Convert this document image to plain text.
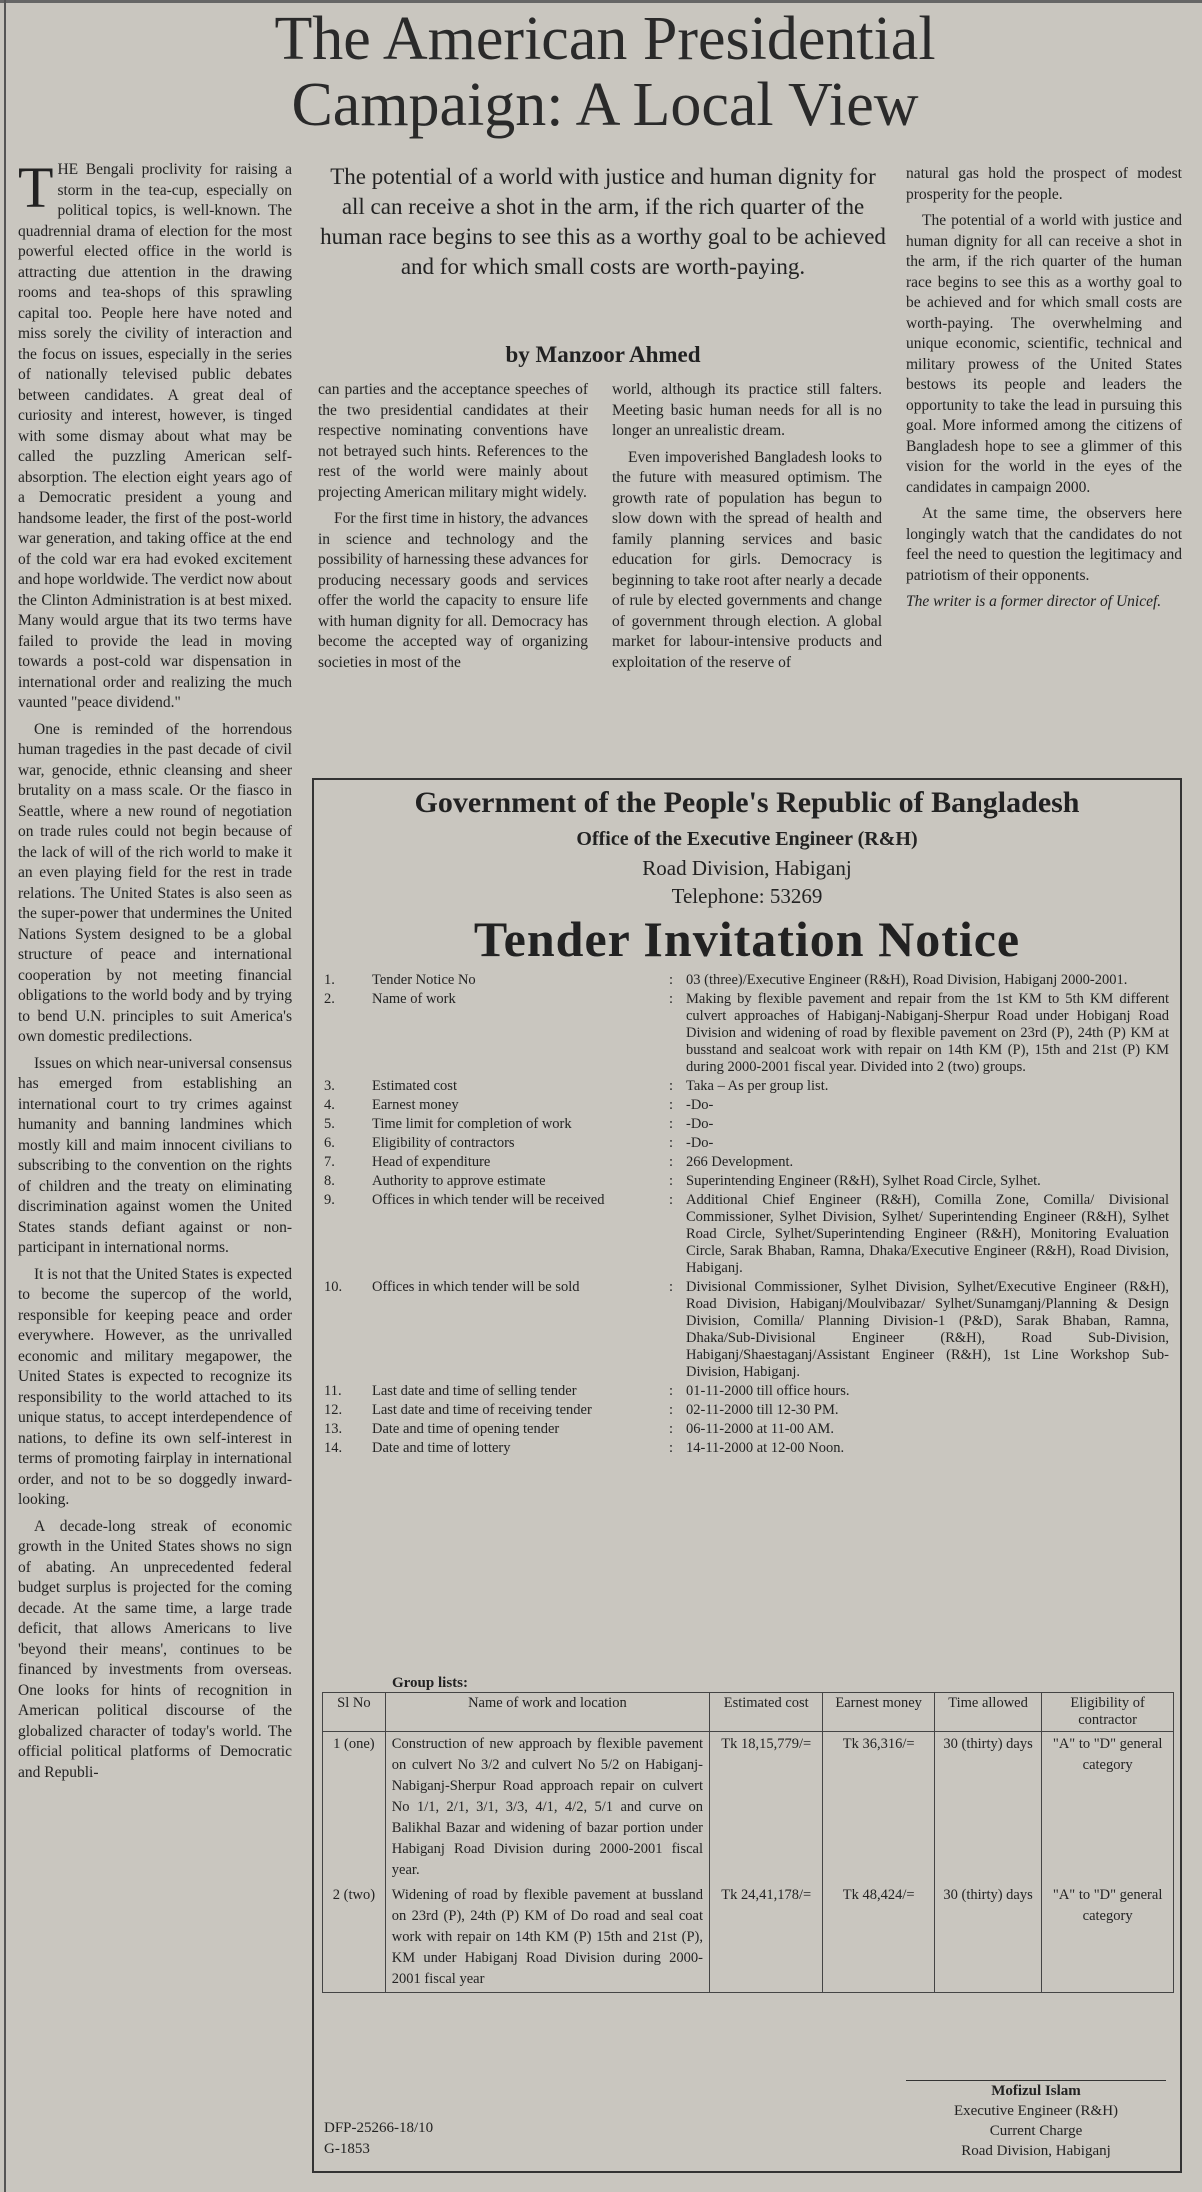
The American Presidential Campaign: A Local View

THE Bengali proclivity for raising a storm in the tea-cup, especially on political topics, is well-known. The quadrennial drama of election for the most powerful elected office in the world is attracting due attention in the drawing rooms and tea-shops of this sprawling capital too. People here have noted and miss sorely the civility of interaction and the focus on issues, especially in the series of nationally televised public debates between candidates. A great deal of curiosity and interest, however, is tinged with some dismay about what may be called the puzzling American self-absorption. The election eight years ago of a Democratic president a young and handsome leader, the first of the post-world war generation, and taking office at the end of the cold war era had evoked excitement and hope worldwide. The verdict now about the Clinton Administration is at best mixed. Many would argue that its two terms have failed to provide the lead in moving towards a post-cold war dispensation in international order and realizing the much vaunted "peace dividend."

One is reminded of the horrendous human tragedies in the past decade of civil war, genocide, ethnic cleansing and sheer brutality on a mass scale. Or the fiasco in Seattle, where a new round of negotiation on trade rules could not begin because of the lack of will of the rich world to make it an even playing field for the rest in trade relations. The United States is also seen as the super-power that undermines the United Nations System designed to be a global structure of peace and international cooperation by not meeting financial obligations to the world body and by trying to bend U.N. principles to suit America's own domestic predilections.

Issues on which near-universal consensus has emerged from establishing an international court to try crimes against humanity and banning landmines which mostly kill and maim innocent civilians to subscribing to the convention on the rights of children and the treaty on eliminating discrimination against women the United States stands defiant against or non-participant in international norms.

It is not that the United States is expected to become the supercop of the world, responsible for keeping peace and order everywhere. However, as the unrivalled economic and military megapower, the United States is expected to recognize its responsibility to the world attached to its unique status, to accept interdependence of nations, to define its own self-interest in terms of promoting fairplay in international order, and not to be so doggedly inward-looking.

A decade-long streak of economic growth in the United States shows no sign of abating. An unprecedented federal budget surplus is projected for the coming decade. At the same time, a large trade deficit, that allows Americans to live 'beyond their means', continues to be financed by investments from overseas. One looks for hints of recognition in American political discourse of the globalized character of today's world. The official political platforms of Democratic and Republi-

The potential of a world with justice and human dignity for all can receive a shot in the arm, if the rich quarter of the human race begins to see this as a worthy goal to be achieved and for which small costs are worth-paying.
by Manzoor Ahmed

can parties and the acceptance speeches of the two presidential candidates at their respective nominating conventions have not betrayed such hints. References to the rest of the world were mainly about projecting American military might widely.

For the first time in history, the advances in science and technology and the possibility of harnessing these advances for producing necessary goods and services offer the world the capacity to ensure life with human dignity for all. Democracy has become the accepted way of organizing societies in most of the

world, although its practice still falters. Meeting basic human needs for all is no longer an unrealistic dream.

Even impoverished Bangladesh looks to the future with measured optimism. The growth rate of population has begun to slow down with the spread of health and family planning services and basic education for girls. Democracy is beginning to take root after nearly a decade of rule by elected governments and change of government through election. A global market for labour-intensive products and exploitation of the reserve of

natural gas hold the prospect of modest prosperity for the people.

The potential of a world with justice and human dignity for all can receive a shot in the arm, if the rich quarter of the human race begins to see this as a worthy goal to be achieved and for which small costs are worth-paying. The overwhelming and unique economic, scientific, technical and military prowess of the United States bestows its people and leaders the opportunity to take the lead in pursuing this goal. More informed among the citizens of Bangladesh hope to see a glimmer of this vision for the world in the eyes of the candidates in campaign 2000.

At the same time, the observers here longingly watch that the candidates do not feel the need to question the legitimacy and patriotism of their opponents.

The writer is a former director of Unicef.

Government of the People's Republic of Bangladesh
Office of the Executive Engineer (R&H)
Road Division, Habiganj
Telephone: 53269
Tender Invitation Notice
1.	Tender Notice No	: 03 (three)/Executive Engineer (R&H), Road Division, Habiganj 2000-2001.
2.	Name of work	: Making by flexible pavement and repair from the 1st KM to 5th KM different culvert approaches of Habiganj-Nabiganj-Sherpur Road under Hobiganj Road Division and widening of road by flexible pavement on 23rd (P), 24th (P) KM at busstand and sealcoat work with repair on 14th KM (P), 15th and 21st (P) KM during 2000-2001 fiscal year. Divided into 2 (two) groups.
3.	Estimated cost	: Taka – As per group list.
4.	Earnest money	: -Do-
5.	Time limit for completion of work	: -Do-
6.	Eligibility of contractors	: -Do-
7.	Head of expenditure	: 266 Development.
8.	Authority to approve estimate	: Superintending Engineer (R&H), Sylhet Road Circle, Sylhet.
9.	Offices in which tender will be received	: Additional Chief Engineer (R&H), Comilla Zone, Comilla/ Divisional Commissioner, Sylhet Division, Sylhet/ Superintending Engineer (R&H), Sylhet Road Circle, Sylhet/Superintending Engineer (R&H), Monitoring Evaluation Circle, Sarak Bhaban, Ramna, Dhaka/Executive Engineer (R&H), Road Division, Habiganj.
10.	Offices in which tender will be sold	: Divisional Commissioner, Sylhet Division, Sylhet/Executive Engineer (R&H), Road Division, Habiganj/Moulvibazar/ Sylhet/Sunamganj/Planning & Design Division, Comilla/ Planning Division-1 (P&D), Sarak Bhaban, Ramna, Dhaka/Sub-Divisional Engineer (R&H), Road Sub-Division, Habiganj/Shaestaganj/Assistant Engineer (R&H), 1st Line Workshop Sub-Division, Habiganj.
11.	Last date and time of selling tender	: 01-11-2000 till office hours.
12.	Last date and time of receiving tender	: 02-11-2000 till 12-30 PM.
13.	Date and time of opening tender	: 06-11-2000 at 11-00 AM.
14.	Date and time of lottery	: 14-11-2000 at 12-00 Noon.
Group lists:
Sl No	Name of work and location	Estimated cost	Earnest money	Time allowed	Eligibility of contractor
1 (one)	Construction of new approach by flexible pavement on culvert No 3/2 and culvert No 5/2 on Habiganj-Nabiganj-Sherpur Road approach repair on culvert No 1/1, 2/1, 3/1, 3/3, 4/1, 4/2, 5/1 and curve on Balikhal Bazar and widening of bazar portion under Habiganj Road Division during 2000-2001 fiscal year.	Tk 18,15,779/=	Tk 36,316/=	30 (thirty) days	"A" to "D" general category
2 (two)	Widening of road by flexible pavement at bussland on 23rd (P), 24th (P) KM of Do road and seal coat work with repair on 14th KM (P) 15th and 21st (P), KM under Habiganj Road Division during 2000-2001 fiscal year	Tk 24,41,178/=	Tk 48,424/=	30 (thirty) days	"A" to "D" general category
DFP-25266-18/10
G-1853
Mofizul Islam
Executive Engineer (R&H)
Current Charge
Road Division, Habiganj
